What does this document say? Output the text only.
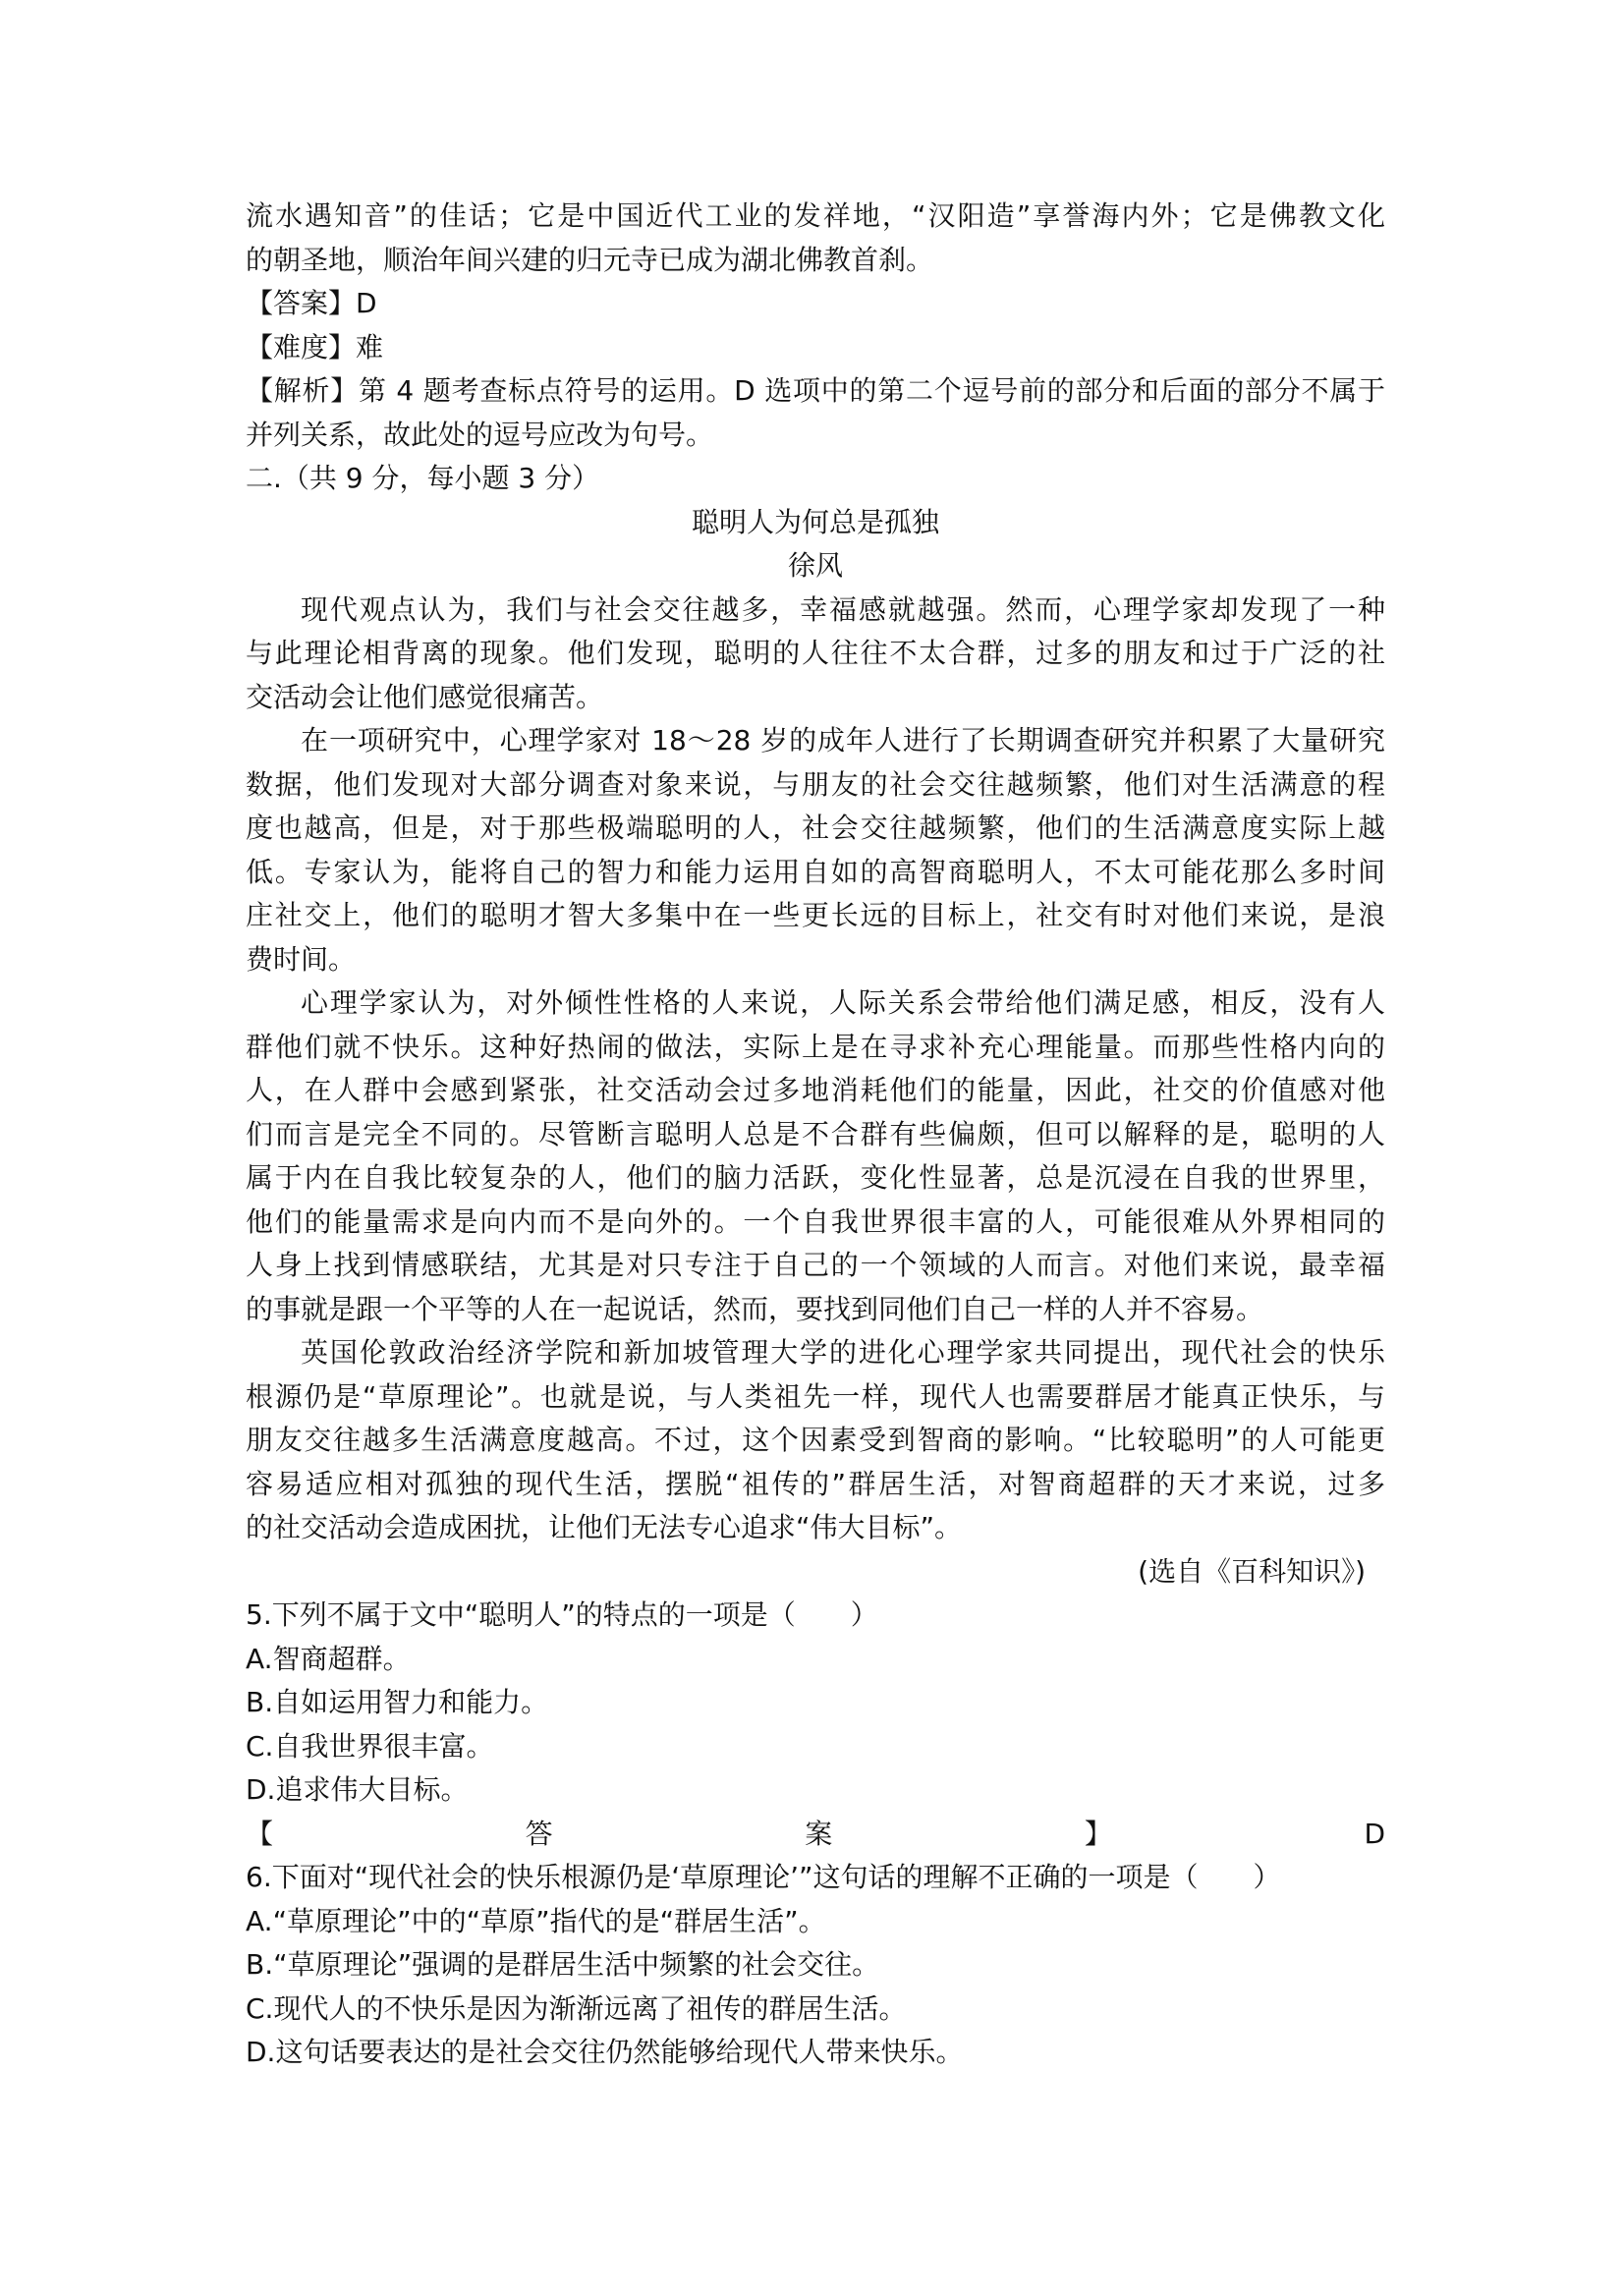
流水遇知音”的佳话；它是中国近代工业的发祥地，“汉阳造”享誉海内外；它是佛教文化

的朝圣地，顺治年间兴建的归元寺已成为湖北佛教首刹。

【答案】D

【难度】难

【解析】第 4 题考查标点符号的运用。D 选项中的第二个逗号前的部分和后面的部分不属于

并列关系，故此处的逗号应改为句号。

二.（共 9 分，每小题 3 分）

聪明人为何总是孤独

徐风

现代观点认为，我们与社会交往越多，幸福感就越强。然而，心理学家却发现了一种

与此理论相背离的现象。他们发现，聪明的人往往不太合群，过多的朋友和过于广泛的社

交活动会让他们感觉很痛苦。

在一项研究中，心理学家对 18～28 岁的成年人进行了长期调查研究并积累了大量研究

数据，他们发现对大部分调查对象来说，与朋友的社会交往越频繁，他们对生活满意的程

度也越高，但是，对于那些极端聪明的人，社会交往越频繁，他们的生活满意度实际上越

低。专家认为，能将自己的智力和能力运用自如的高智商聪明人，不太可能花那么多时间

庄社交上，他们的聪明才智大多集中在一些更长远的目标上，社交有时对他们来说，是浪

费时间。

心理学家认为，对外倾性性格的人来说，人际关系会带给他们满足感，相反，没有人

群他们就不快乐。这种好热闹的做法，实际上是在寻求补充心理能量。而那些性格内向的

人，在人群中会感到紧张，社交活动会过多地消耗他们的能量，因此，社交的价值感对他

们而言是完全不同的。尽管断言聪明人总是不合群有些偏颇，但可以解释的是，聪明的人

属于内在自我比较复杂的人，他们的脑力活跃，变化性显著，总是沉浸在自我的世界里，

他们的能量需求是向内而不是向外的。一个自我世界很丰富的人，可能很难从外界相同的

人身上找到情感联结，尤其是对只专注于自己的一个领域的人而言。对他们来说，最幸福

的事就是跟一个平等的人在一起说话，然而，要找到同他们自己一样的人并不容易。

英国伦敦政治经济学院和新加坡管理大学的进化心理学家共同提出，现代社会的快乐

根源仍是“草原理论”。也就是说，与人类祖先一样，现代人也需要群居才能真正快乐，与

朋友交往越多生活满意度越高。不过，这个因素受到智商的影响。“比较聪明”的人可能更

容易适应相对孤独的现代生活，摆脱“祖传的”群居生活，对智商超群的天才来说，过多

的社交活动会造成困扰，让他们无法专心追求“伟大目标”。

(选自《百科知识》)

5.下列不属于文中“聪明人”的特点的一项是（　　）

A.智商超群。

B.自如运用智力和能力。

C.自我世界很丰富。

D.追求伟大目标。

【	答	案	】	D

6.下面对“现代社会的快乐根源仍是‘草原理论’”这句话的理解不正确的一项是（　　）

A.“草原理论”中的“草原”指代的是“群居生活”。

B.“草原理论”强调的是群居生活中频繁的社会交往。

C.现代人的不快乐是因为渐渐远离了祖传的群居生活。

D.这句话要表达的是社会交往仍然能够给现代人带来快乐。
